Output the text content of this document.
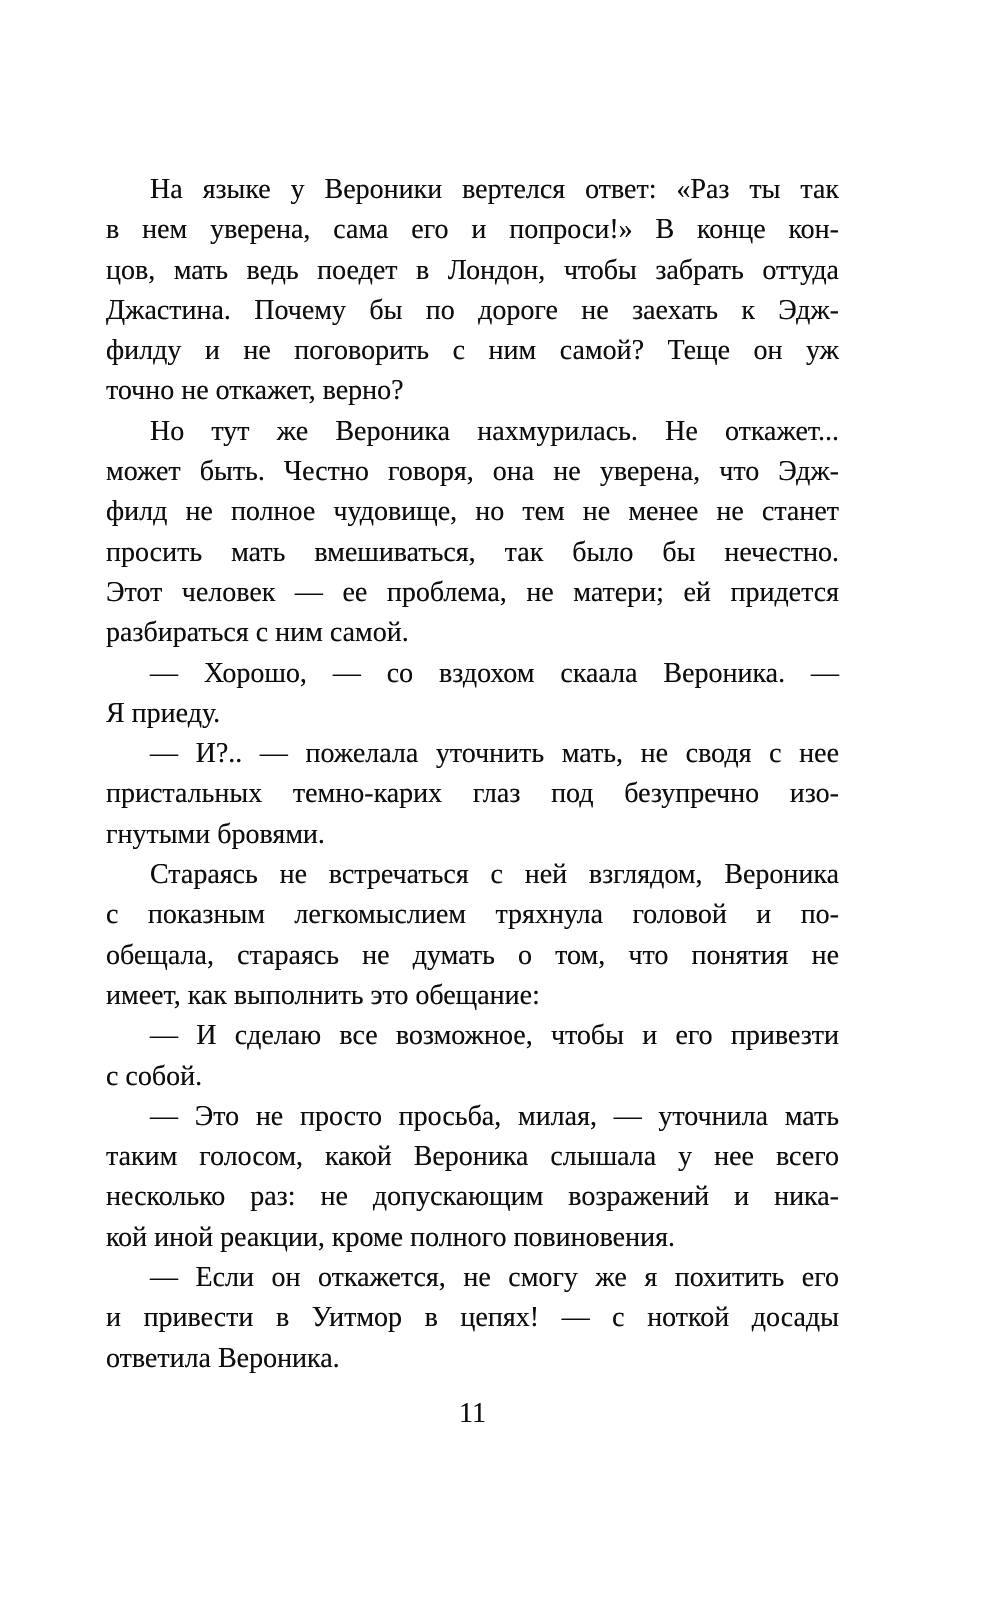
На языке у Вероники вертелся ответ: «Раз ты так
в нем уверена, сама его и попроси!» В конце кон-
цов, мать ведь поедет в Лондон, чтобы забрать оттуда
Джастина. Почему бы по дороге не заехать к Эдж-
филду и не поговорить с ним самой? Теще он уж
точно не откажет, верно?

Но тут же Вероника нахмурилась. Не откажет...
может быть. Честно говоря, она не уверена, что Эдж-
филд не полное чудовище, но тем не менее не станет
просить мать вмешиваться, так было бы нечестно.
Этот человек — ее проблема, не матери; ей придется
разбираться с ним самой.

— Хорошо, — со вздохом скаала Вероника. —
Я приеду.

— И?.. — пожелала уточнить мать, не сводя с нее
пристальных темно-карих глаз под безупречно изо-
гнутыми бровями.

Стараясь не встречаться с ней взглядом, Вероника
с показным легкомыслием тряхнула головой и по-
обещала, стараясь не думать о том, что понятия не
имеет, как выполнить это обещание:

— И сделаю все возможное, чтобы и его привезти
с собой.

— Это не просто просьба, милая, — уточнила мать
таким голосом, какой Вероника слышала у нее всего
несколько раз: не допускающим возражений и ника-
кой иной реакции, кроме полного повиновения.

— Если он откажется, не смогу же я похитить его
и привести в Уитмор в цепях! — с ноткой досады
ответила Вероника.

11
